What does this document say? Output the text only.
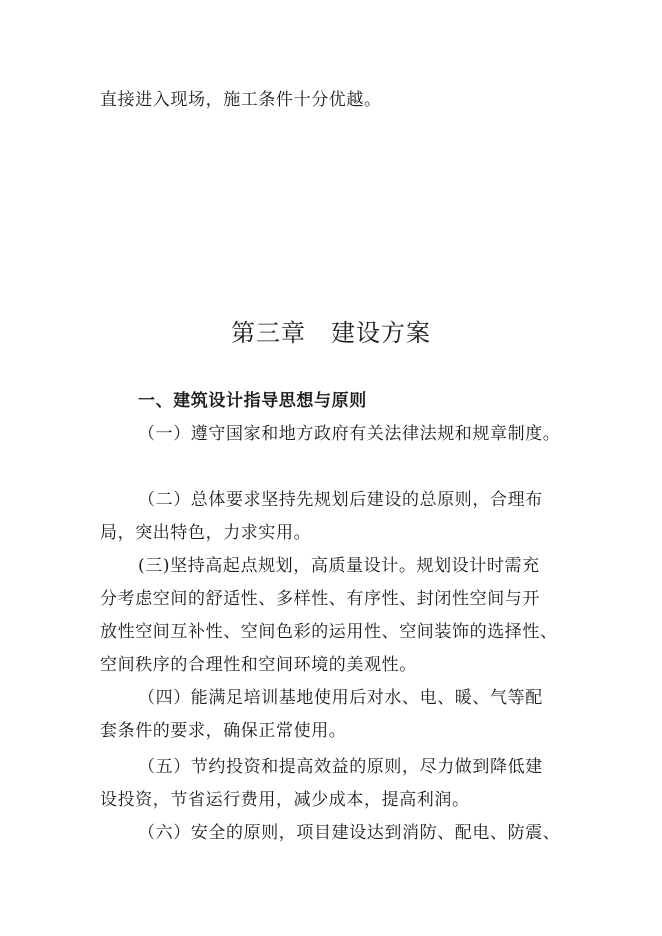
直接进入现场，施工条件十分优越。
第三章　建设方案
一、建筑设计指导思想与原则
（一）遵守国家和地方政府有关法律法规和规章制度。
（二）总体要求坚持先规划后建设的总原则，合理布
局，突出特色，力求实用。
(三)坚持高起点规划，高质量设计。规划设计时需充
分考虑空间的舒适性、多样性、有序性、封闭性空间与开
放性空间互补性、空间色彩的运用性、空间装饰的选择性、
空间秩序的合理性和空间环境的美观性。
（四）能满足培训基地使用后对水、电、暖、气等配
套条件的要求，确保正常使用。
（五）节约投资和提高效益的原则，尽力做到降低建
设投资，节省运行费用，减少成本，提高利润。
（六）安全的原则，项目建设达到消防、配电、防震、
